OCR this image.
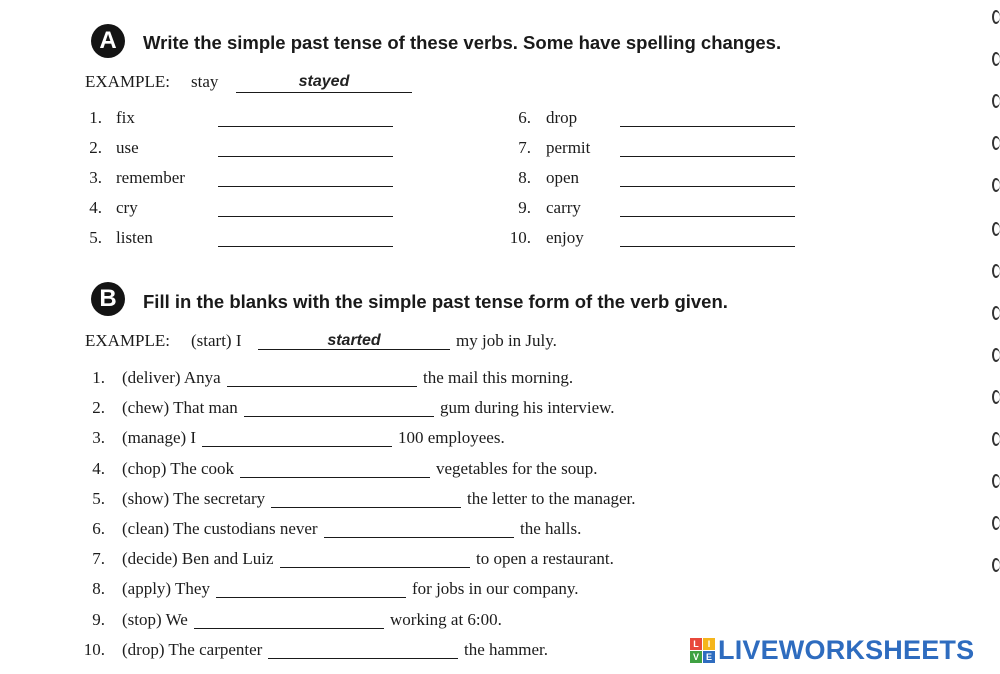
A	Write the simple past tense of these verbs. Some have spelling changes.
EXAMPLE: stay	stayed
1. fix
2. use
3. remember
4. cry
5. listen
6. drop
7. permit
8. open
9. carry
10. enjoy
B	Fill in the blanks with the simple past tense form of the verb given.
EXAMPLE: (start) I	started	my job in July.
1. (deliver) Anya	the mail this morning.
2. (chew) That man	gum during his interview.
3. (manage) I	100 employees.
4. (chop) The cook	vegetables for the soup.
5. (show) The secretary	the letter to the manager.
6. (clean) The custodians never	the halls.
7. (decide) Ben and Luiz	to open a restaurant.
8. (apply) They	for jobs in our company.
9. (stop) We	working at 6:00.
10. (drop) The carpenter	the hammer.	L I
V E LIVEWORKSHEETS
